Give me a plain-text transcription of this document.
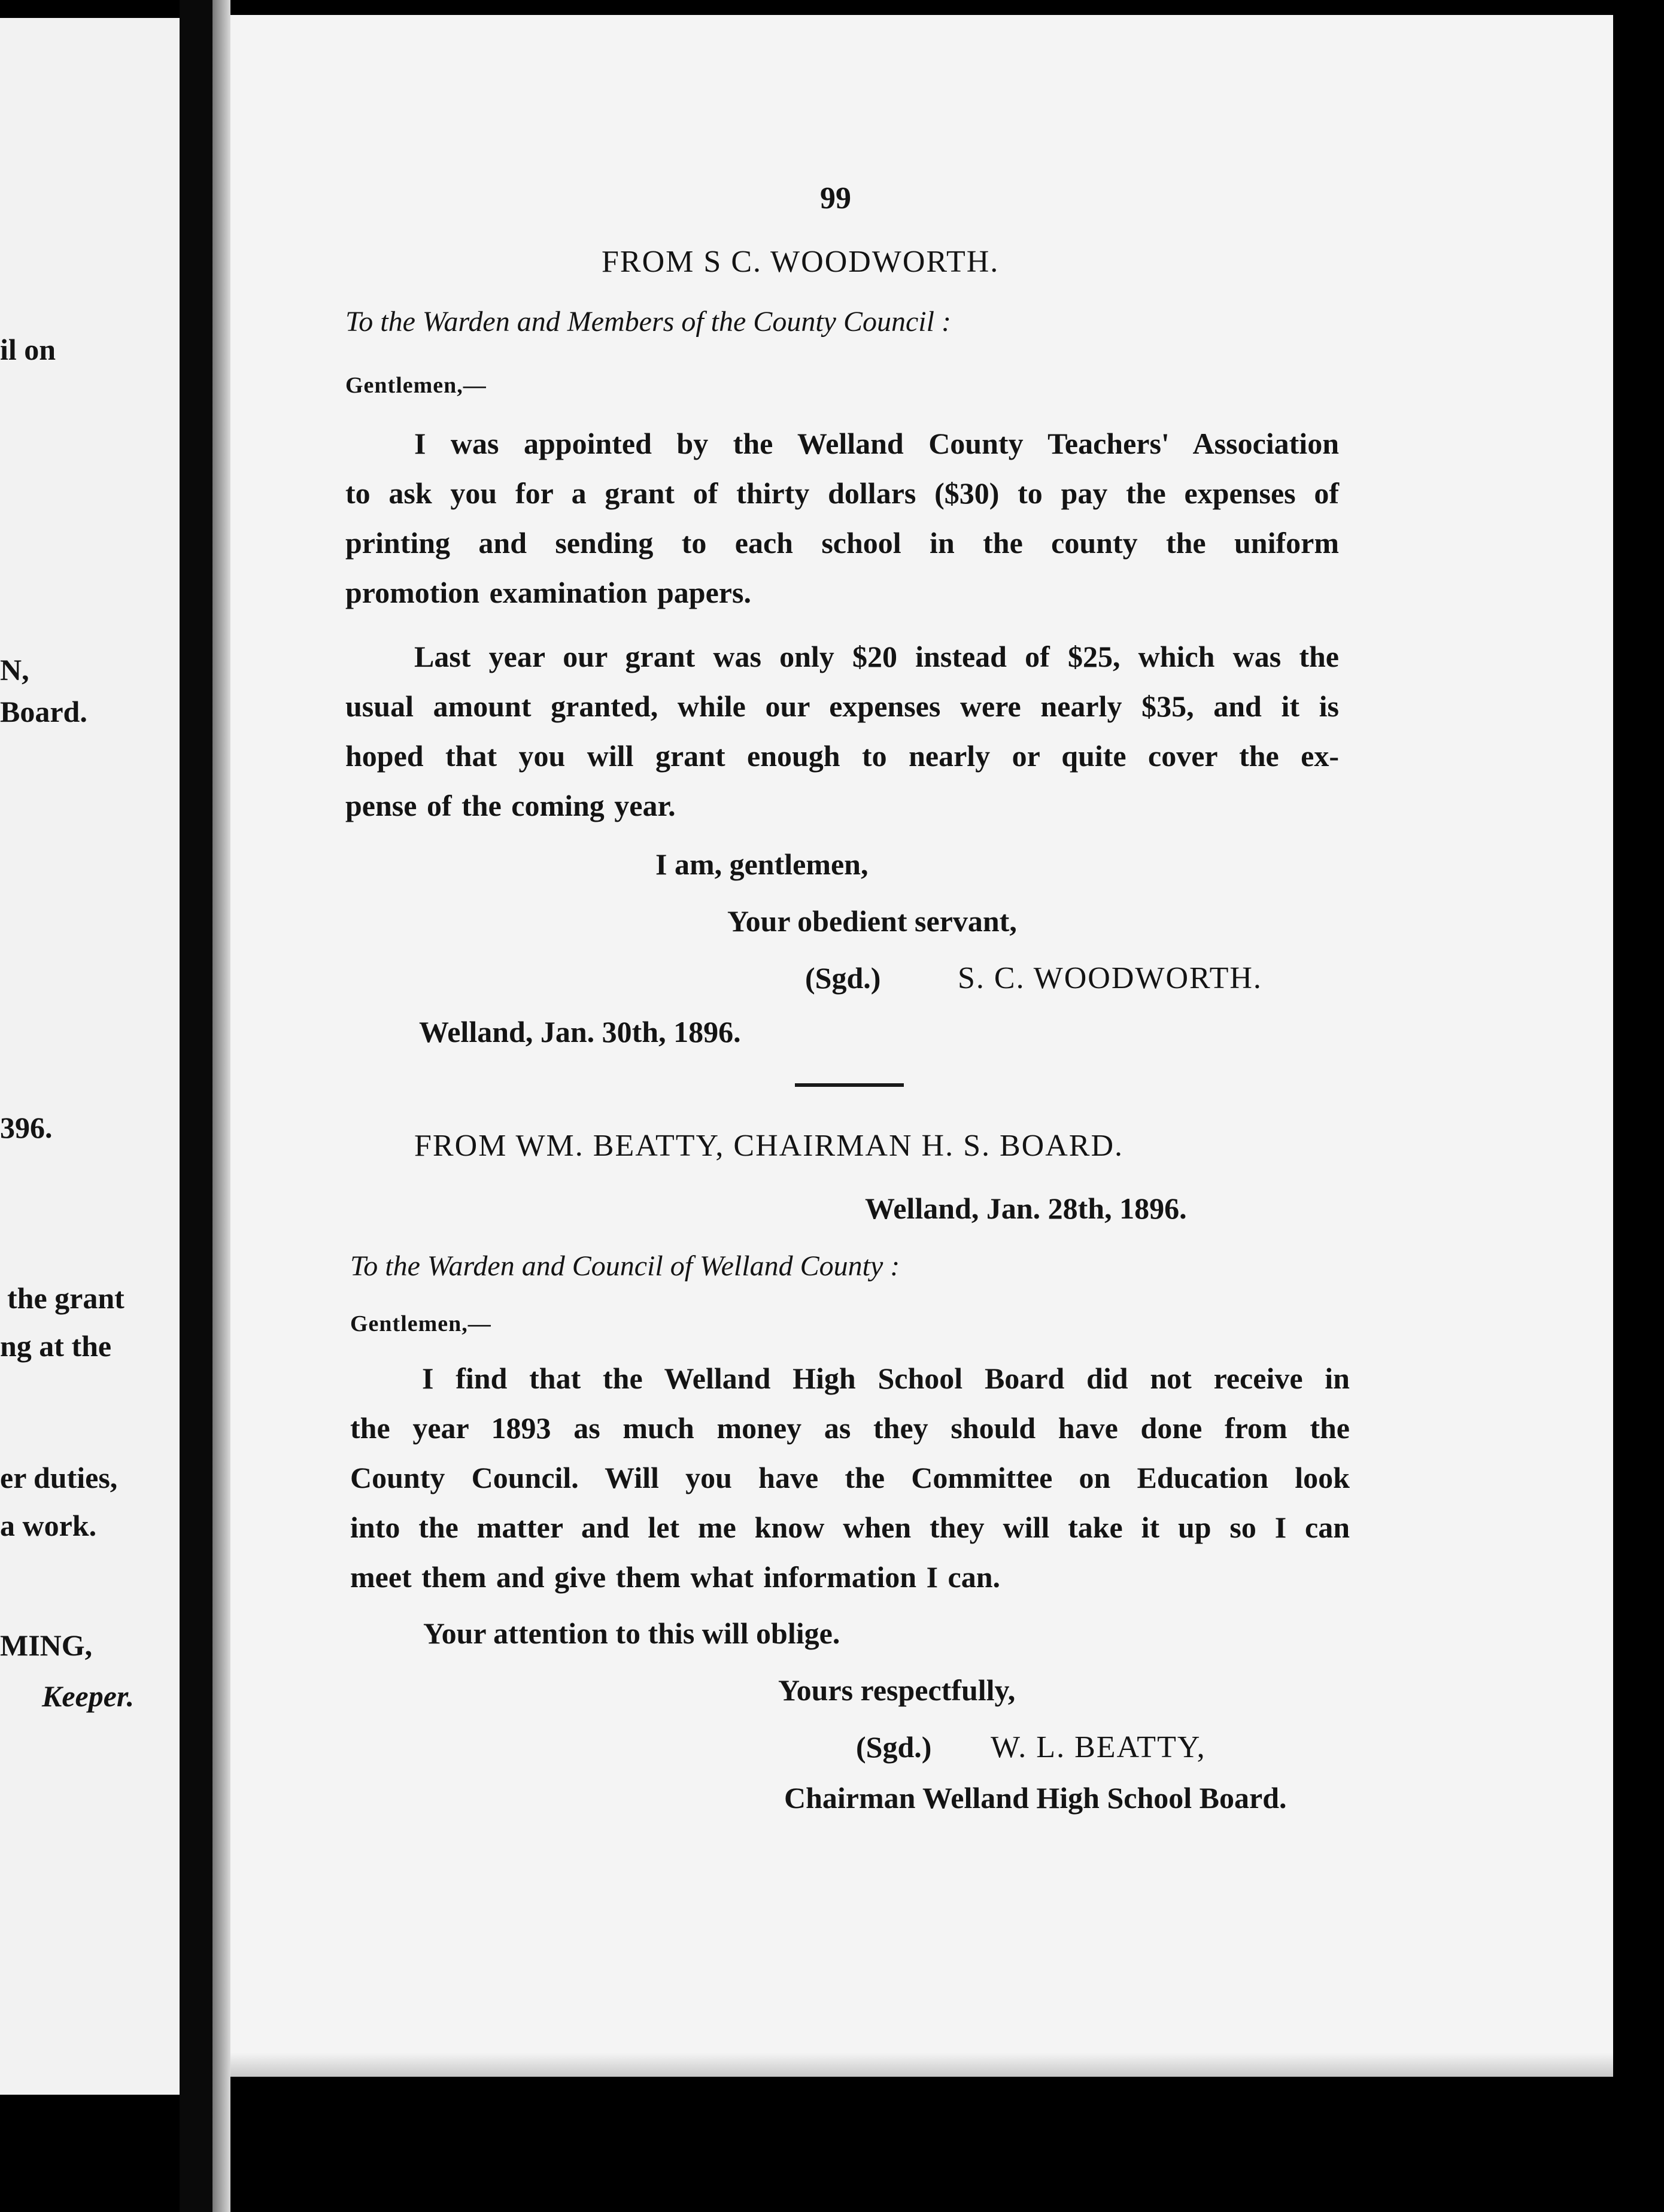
il on
N,
Board.
396.
the grant
ng at the
er duties,
a work.
MING,
Keeper.
99
FROM S C. WOODWORTH.
To the Warden and Members of the County Council :
Gentlemen,—
I was appointed by the Welland County Teachers' Association
to ask you for a grant of thirty dollars ($30) to pay the expenses of
printing and sending to each school in the county the uniform
promotion examination papers.
Last year our grant was only $20 instead of $25, which was the
usual amount granted, while our expenses were nearly $35, and it is
hoped that you will grant enough to nearly or quite cover the ex-
pense of the coming year.
I am, gentlemen,
Your obedient servant,
(Sgd.) S. C. WOODWORTH.
Welland, Jan. 30th, 1896.
FROM WM. BEATTY, CHAIRMAN H. S. BOARD.
Welland, Jan. 28th, 1896.
To the Warden and Council of Welland County :
Gentlemen,—
I find that the Welland High School Board did not receive in
the year 1893 as much money as they should have done from the
County Council. Will you have the Committee on Education look
into the matter and let me know when they will take it up so I can
meet them and give them what information I can.
Your attention to this will oblige.
Yours respectfully,
(Sgd.) W. L. BEATTY,
Chairman Welland High School Board.
